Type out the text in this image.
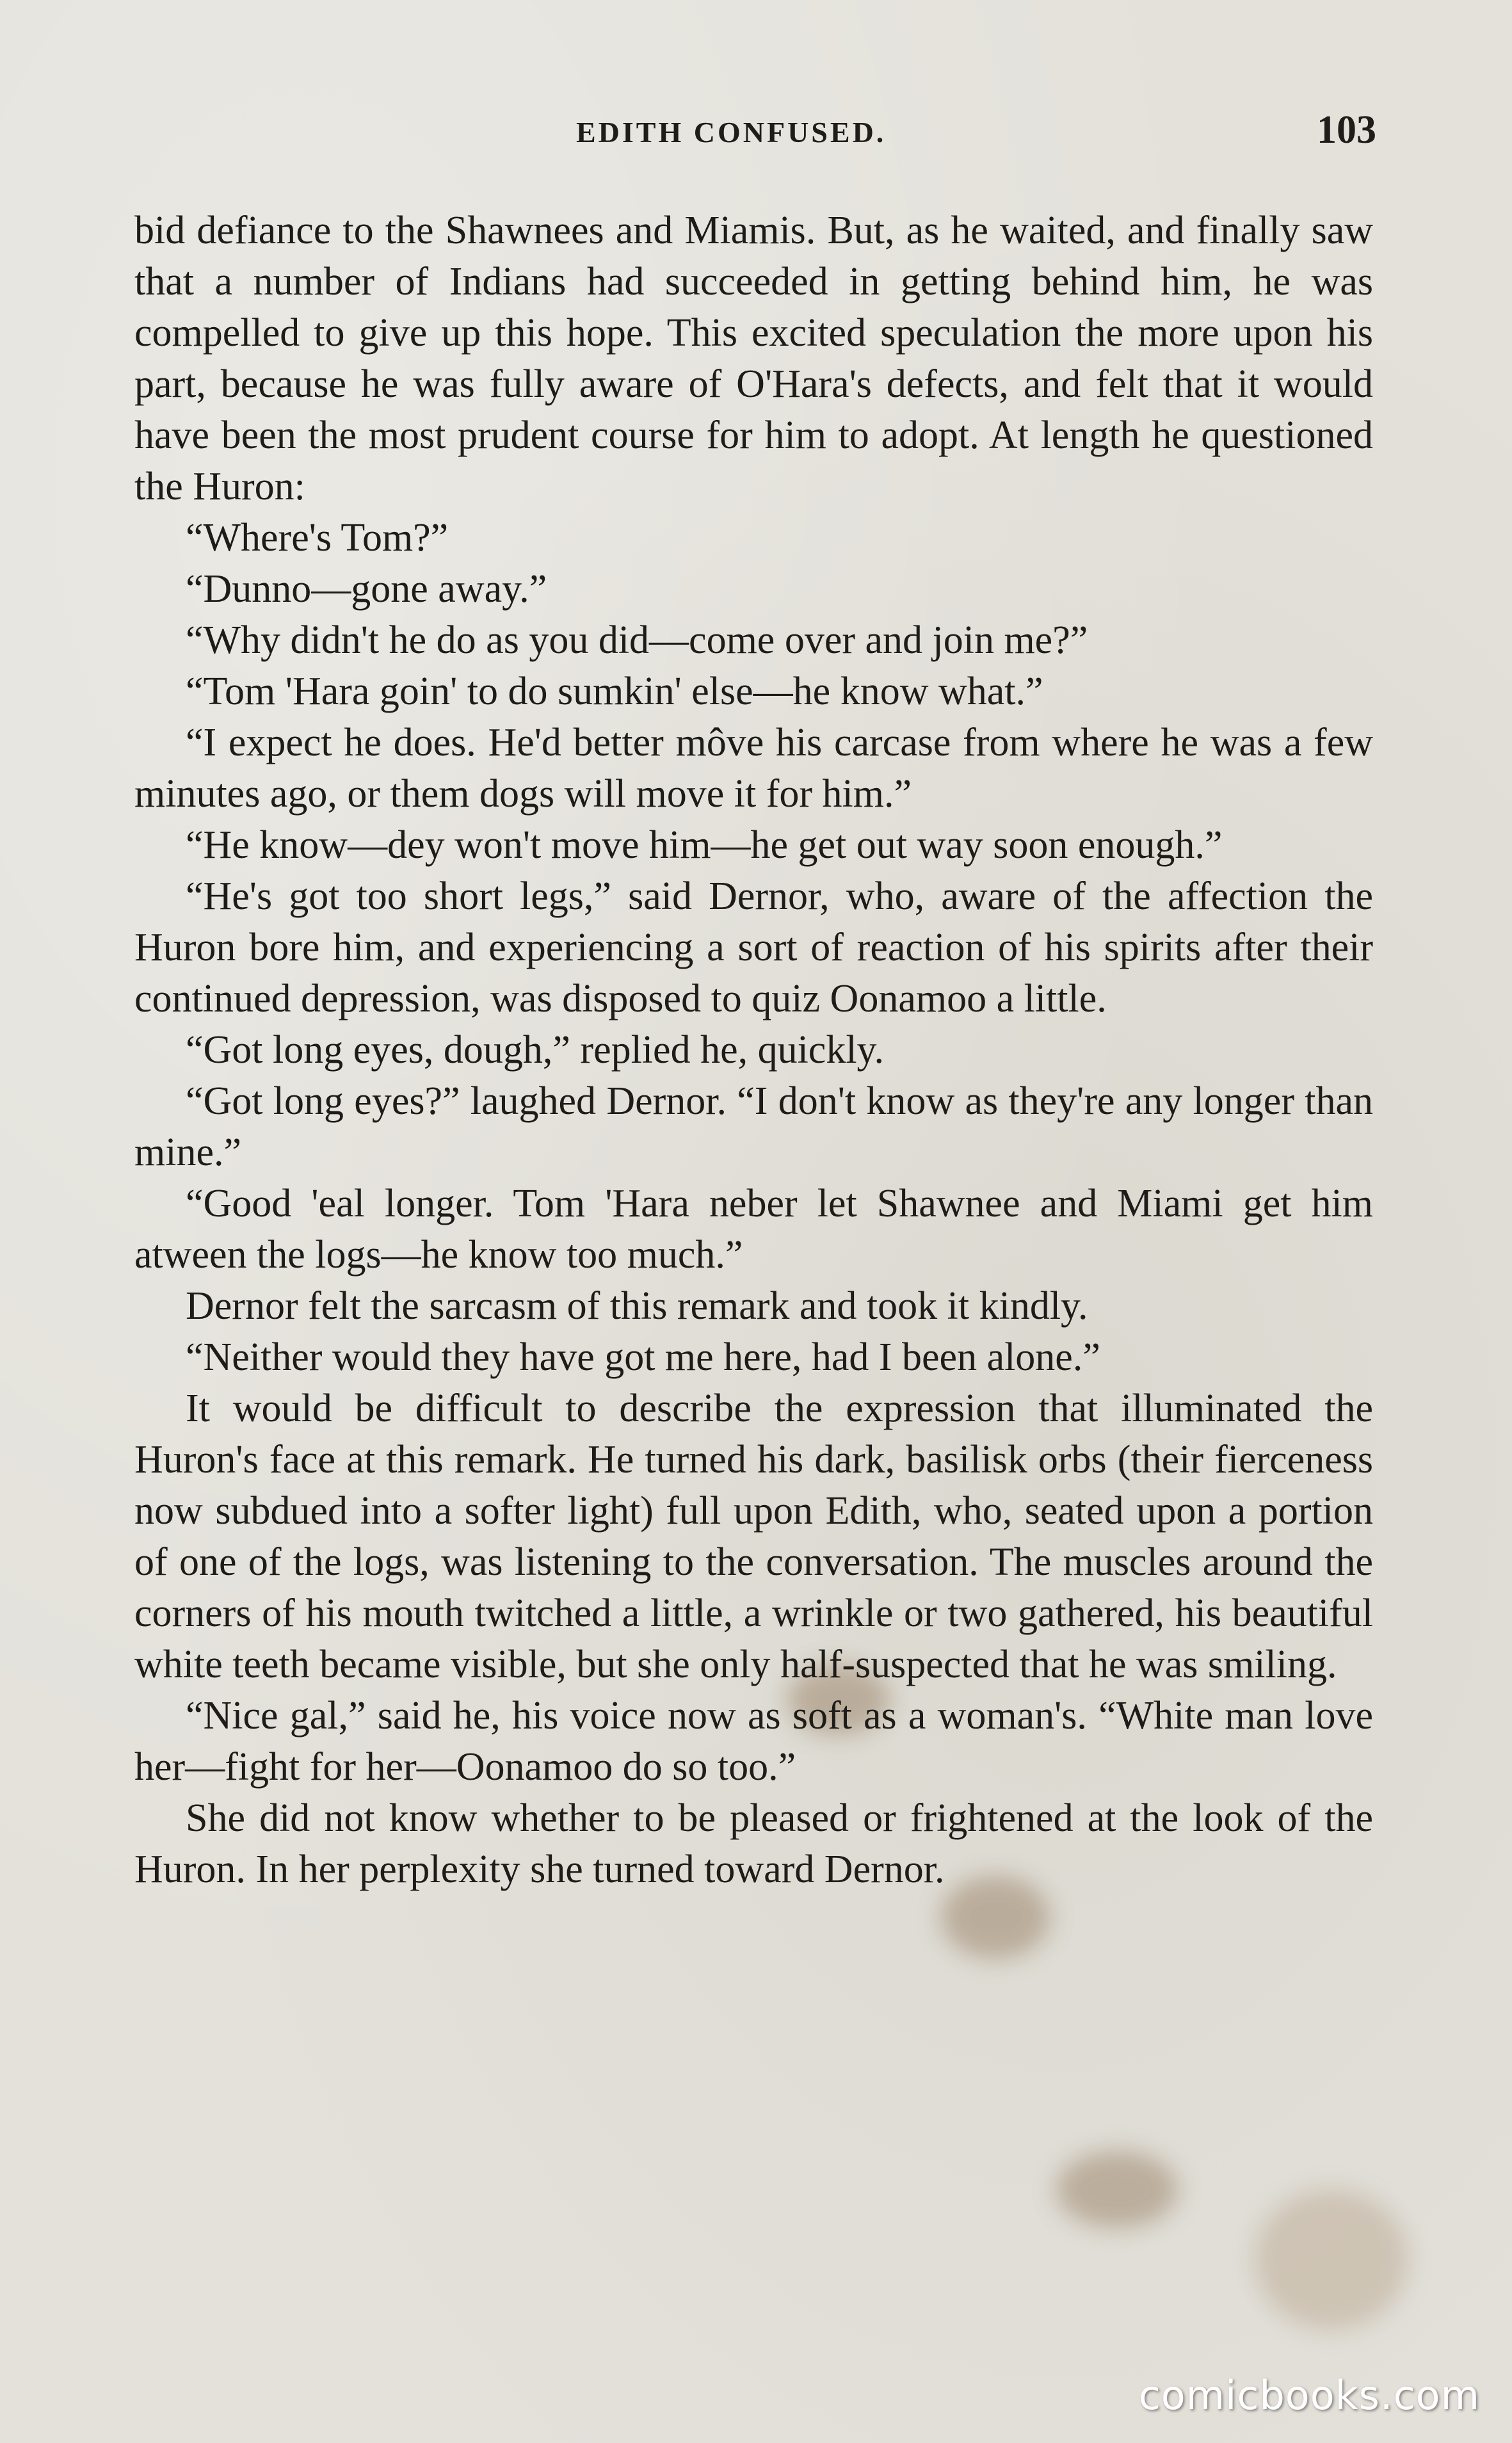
EDITH CONFUSED.	103

bid defiance to the Shawnees and Miamis. But, as he waited, and finally saw that a number of Indians had succeeded in getting behind him, he was compelled to give up this hope. This excited speculation the more upon his part, because he was fully aware of O'Hara's defects, and felt that it would have been the most prudent course for him to adopt. At length he questioned the Huron:

“Where's Tom?”

“Dunno—gone away.”

“Why didn't he do as you did—come over and join me?”

“Tom 'Hara goin' to do sumkin' else—he know what.”

“I expect he does. He'd better môve his carcase from where he was a few minutes ago, or them dogs will move it for him.”

“He know—dey won't move him—he get out way soon enough.”

“He's got too short legs,” said Dernor, who, aware of the affection the Huron bore him, and experiencing a sort of reaction of his spirits after their continued depression, was disposed to quiz Oonamoo a little.

“Got long eyes, dough,” replied he, quickly.

“Got long eyes?” laughed Dernor. “I don't know as they're any longer than mine.”

“Good 'eal longer. Tom 'Hara neber let Shawnee and Miami get him atween the logs—he know too much.”

Dernor felt the sarcasm of this remark and took it kindly.

“Neither would they have got me here, had I been alone.”

It would be difficult to describe the expression that illuminated the Huron's face at this remark. He turned his dark, basilisk orbs (their fierceness now subdued into a softer light) full upon Edith, who, seated upon a portion of one of the logs, was listening to the conversation. The muscles around the corners of his mouth twitched a little, a wrinkle or two gathered, his beautiful white teeth became visible, but she only half-suspected that he was smiling.

“Nice gal,” said he, his voice now as soft as a woman's. “White man love her—fight for her—Oonamoo do so too.”

She did not know whether to be pleased or frightened at the look of the Huron. In her perplexity she turned toward Dernor.

comicbooks.com
